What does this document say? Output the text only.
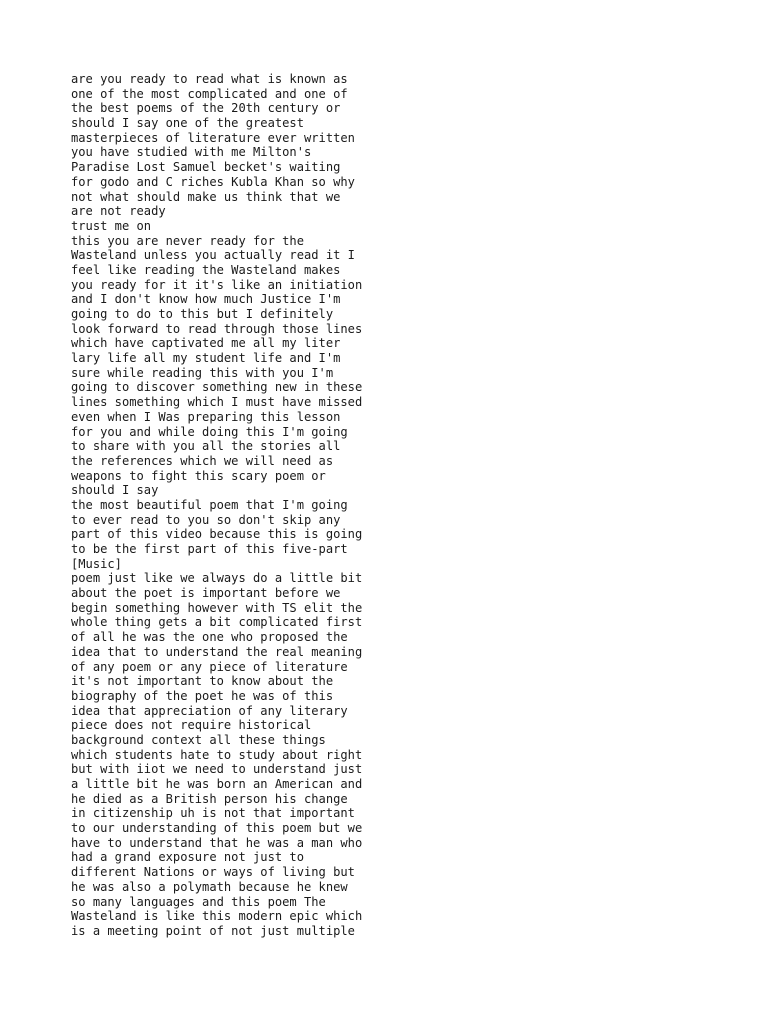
are you ready to read what is known as
one of the most complicated and one of
the best poems of the 20th century or
should I say one of the greatest
masterpieces of literature ever written
you have studied with me Milton's
Paradise Lost Samuel becket's waiting
for godo and C riches Kubla Khan so why
not what should make us think that we
are not ready
trust me on
this you are never ready for the
Wasteland unless you actually read it I
feel like reading the Wasteland makes
you ready for it it's like an initiation
and I don't know how much Justice I'm
going to do to this but I definitely
look forward to read through those lines
which have captivated me all my liter
lary life all my student life and I'm
sure while reading this with you I'm
going to discover something new in these
lines something which I must have missed
even when I Was preparing this lesson
for you and while doing this I'm going
to share with you all the stories all
the references which we will need as
weapons to fight this scary poem or
should I say
the most beautiful poem that I'm going
to ever read to you so don't skip any
part of this video because this is going
to be the first part of this five-part
[Music]
poem just like we always do a little bit
about the poet is important before we
begin something however with TS elit the
whole thing gets a bit complicated first
of all he was the one who proposed the
idea that to understand the real meaning
of any poem or any piece of literature
it's not important to know about the
biography of the poet he was of this
idea that appreciation of any literary
piece does not require historical
background context all these things
which students hate to study about right
but with iiot we need to understand just
a little bit he was born an American and
he died as a British person his change
in citizenship uh is not that important
to our understanding of this poem but we
have to understand that he was a man who
had a grand exposure not just to
different Nations or ways of living but
he was also a polymath because he knew
so many languages and this poem The
Wasteland is like this modern epic which
is a meeting point of not just multiple
